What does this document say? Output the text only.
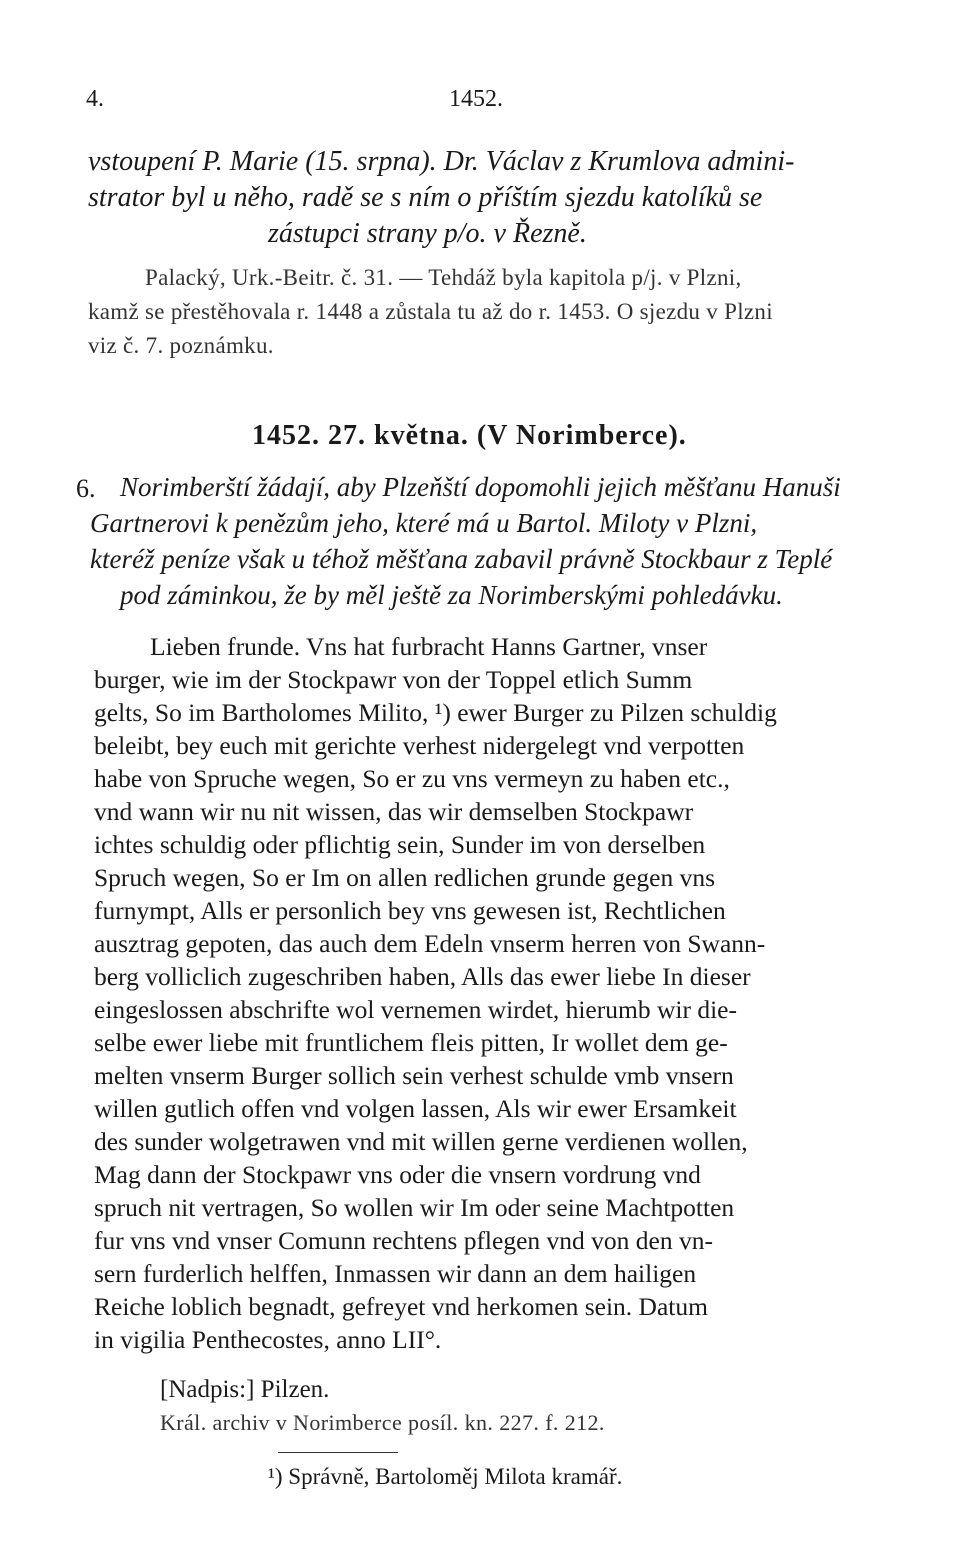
4.	1452.
vstoupení P. Marie (15. srpna). Dr. Václav z Krumlova admini-
strator byl u něho, radě se s ním o příštím sjezdu katolíků se
zástupci strany p/o. v Řezně.
Palacký, Urk.-Beitr. č. 31. — Tehdáž byla kapitola p/j. v Plzni,
kamž se přestěhovala r. 1448 a zůstala tu až do r. 1453. O sjezdu v Plzni
viz č. 7. poznámku.
1452. 27. května. (V Norimberce).
6. Norimberští žádají, aby Plzeňští dopomohli jejich měšťanu Hanuši
Gartnerovi k penězům jeho, které má u Bartol. Miloty v Plzni,
kteréž peníze však u téhož měšťana zabavil právně Stockbaur z Teplé
pod záminkou, že by měl ještě za Norimberskými pohledávku.
Lieben frunde. Vns hat furbracht Hanns Gartner, vnser
burger, wie im der Stockpawr von der Toppel etlich Summ
gelts, So im Bartholomes Milito, ¹) ewer Burger zu Pilzen schuldig
beleibt, bey euch mit gerichte verhest nidergelegt vnd verpotten
habe von Spruche wegen, So er zu vns vermeyn zu haben etc.,
vnd wann wir nu nit wissen, das wir demselben Stockpawr
ichtes schuldig oder pflichtig sein, Sunder im von derselben
Spruch wegen, So er Im on allen redlichen grunde gegen vns
furnympt, Alls er personlich bey vns gewesen ist, Rechtlichen
ausztrag gepoten, das auch dem Edeln vnserm herren von Swann-
berg volliclich zugeschriben haben, Alls das ewer liebe In dieser
eingeslossen abschrifte wol vernemen wirdet, hierumb wir die-
selbe ewer liebe mit fruntlichem fleis pitten, Ir wollet dem ge-
melten vnserm Burger sollich sein verhest schulde vmb vnsern
willen gutlich offen vnd volgen lassen, Als wir ewer Ersamkeit
des sunder wolgetrawen vnd mit willen gerne verdienen wollen,
Mag dann der Stockpawr vns oder die vnsern vordrung vnd
spruch nit vertragen, So wollen wir Im oder seine Machtpotten
fur vns vnd vnser Comunn rechtens pflegen vnd von den vn-
sern furderlich helffen, Inmassen wir dann an dem hailigen
Reiche loblich begnadt, gefreyet vnd herkomen sein. Datum
in vigilia Penthecostes, anno LII°.
[Nadpis:] Pilzen.
Král. archiv v Norimberce posíl. kn. 227. f. 212.
¹) Správně, Bartoloměj Milota kramář.
